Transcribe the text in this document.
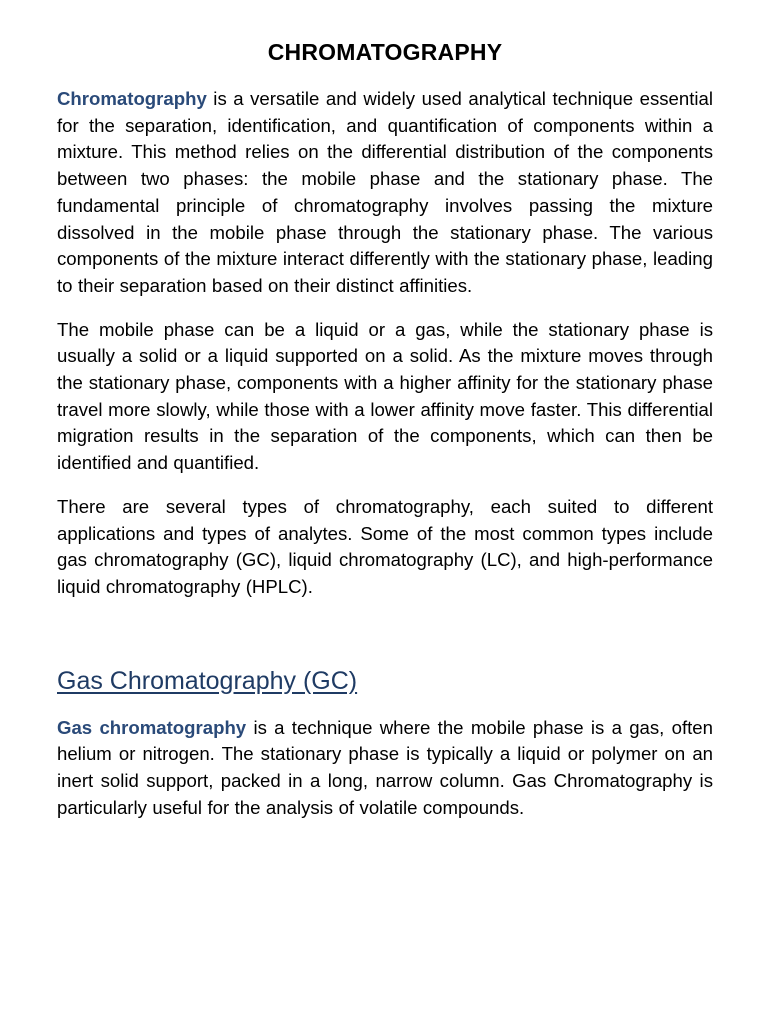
CHROMATOGRAPHY

Chromatography is a versatile and widely used analytical technique essential for the separation, identification, and quantification of components within a mixture. This method relies on the differential distribution of the components between two phases: the mobile phase and the stationary phase. The fundamental principle of chromatography involves passing the mixture dissolved in the mobile phase through the stationary phase. The various components of the mixture interact differently with the stationary phase, leading to their separation based on their distinct affinities.

The mobile phase can be a liquid or a gas, while the stationary phase is usually a solid or a liquid supported on a solid. As the mixture moves through the stationary phase, components with a higher affinity for the stationary phase travel more slowly, while those with a lower affinity move faster. This differential migration results in the separation of the components, which can then be identified and quantified.

There are several types of chromatography, each suited to different applications and types of analytes. Some of the most common types include gas chromatography (GC), liquid chromatography (LC), and high-performance liquid chromatography (HPLC).

Gas Chromatography (GC)

Gas chromatography is a technique where the mobile phase is a gas, often helium or nitrogen. The stationary phase is typically a liquid or polymer on an inert solid support, packed in a long, narrow column. Gas Chromatography is particularly useful for the analysis of volatile compounds.
